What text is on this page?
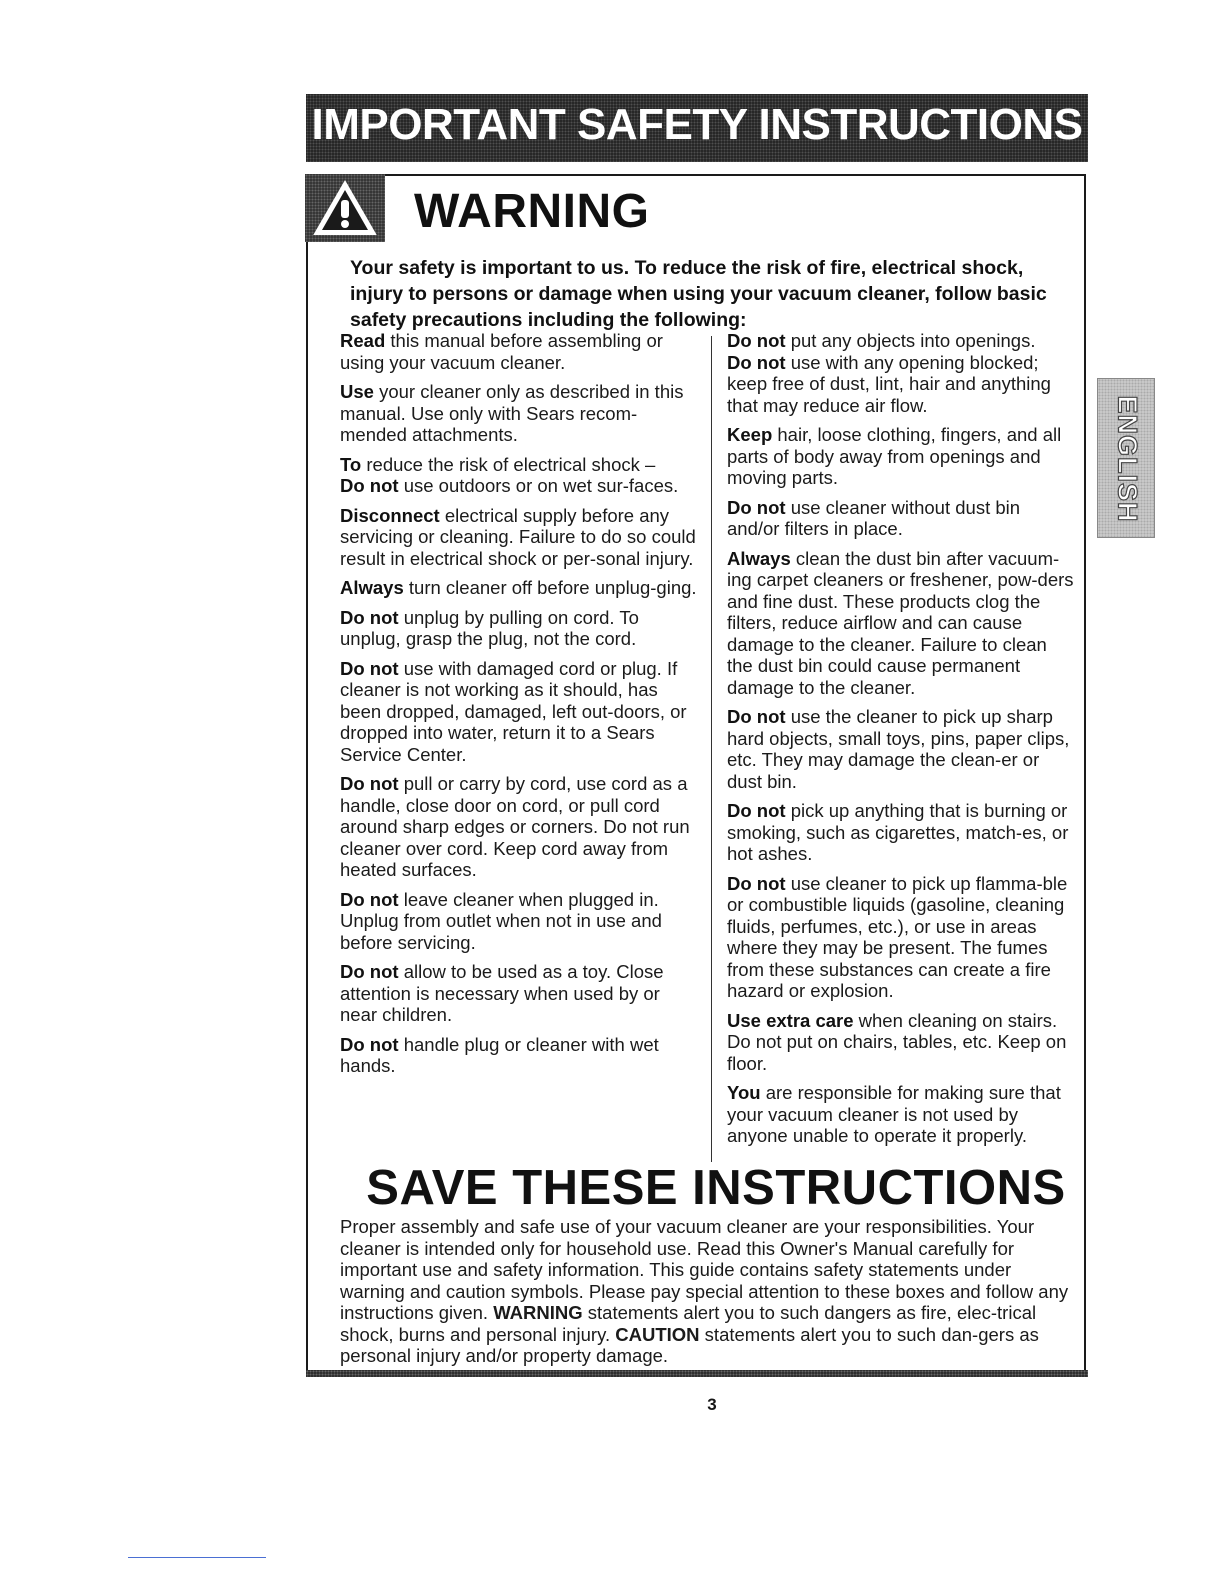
IMPORTANT SAFETY INSTRUCTIONS
WARNING
Your safety is important to us. To reduce the risk of fire, electrical shock, injury to persons or damage when using your vacuum cleaner, follow basic safety precautions including the following:

Read this manual before assembling or using your vacuum cleaner.

Use your cleaner only as described in this manual. Use only with Sears recom-mended attachments.

To reduce the risk of electrical shock –
Do not use outdoors or on wet sur-faces.

Disconnect electrical supply before any servicing or cleaning. Failure to do so could result in electrical shock or per-sonal injury.

Always turn cleaner off before unplug-ging.

Do not unplug by pulling on cord. To unplug, grasp the plug, not the cord.

Do not use with damaged cord or plug. If cleaner is not working as it should, has been dropped, damaged, left out-doors, or dropped into water, return it to a Sears Service Center.

Do not pull or carry by cord, use cord as a handle, close door on cord, or pull cord around sharp edges or corners. Do not run cleaner over cord. Keep cord away from heated surfaces.

Do not leave cleaner when plugged in. Unplug from outlet when not in use and before servicing.

Do not allow to be used as a toy. Close attention is necessary when used by or near children.

Do not handle plug or cleaner with wet hands.

Do not put any objects into openings.
Do not use with any opening blocked; keep free of dust, lint, hair and anything that may reduce air flow.

Keep hair, loose clothing, fingers, and all parts of body away from openings and moving parts.

Do not use cleaner without dust bin and/or filters in place.

Always clean the dust bin after vacuum-ing carpet cleaners or freshener, pow-ders and fine dust. These products clog the filters, reduce airflow and can cause damage to the cleaner. Failure to clean the dust bin could cause permanent damage to the cleaner.

Do not use the cleaner to pick up sharp hard objects, small toys, pins, paper clips, etc. They may damage the clean-er or dust bin.

Do not pick up anything that is burning or smoking, such as cigarettes, match-es, or hot ashes.

Do not use cleaner to pick up flamma-ble or combustible liquids (gasoline, cleaning fluids, perfumes, etc.), or use in areas where they may be present. The fumes from these substances can create a fire hazard or explosion.

Use extra care when cleaning on stairs. Do not put on chairs, tables, etc. Keep on floor.

You are responsible for making sure that your vacuum cleaner is not used by anyone unable to operate it properly.

SAVE THESE INSTRUCTIONS
Proper assembly and safe use of your vacuum cleaner are your responsibilities. Your cleaner is intended only for household use. Read this Owner's Manual carefully for important use and safety information. This guide contains safety statements under warning and caution symbols. Please pay special attention to these boxes and follow any instructions given. WARNING statements alert you to such dangers as fire, elec-trical shock, burns and personal injury. CAUTION statements alert you to such dan-gers as personal injury and/or property damage.
3
ENGLISH
